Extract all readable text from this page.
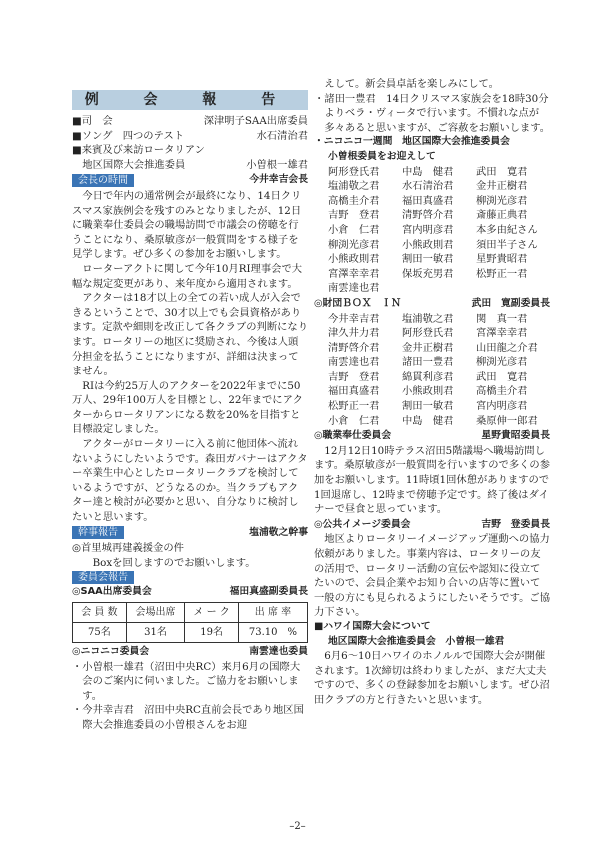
例 会 報 告
■司　会	深津明子SAA出席委員
■ソング　四つのテスト	水石清治君
■来賓及び来訪ロータリアン
　地区国際大会推進委員	小曽根一雄君
会長の時間	今井幸吉会長

今日で年内の通常例会が最終になり、14日クリスマス家族例会を残すのみとなりましたが、12日に職業奉仕委員会の職場訪問で市議会の傍聴を行うことになり、桑原敏彦が一般質問をする様子を見学します。ぜひ多くの参加をお願いします。

ローターアクトに関して今年10月RI理事会で大幅な規定変更があり、来年度から適用されます。

アクターは18才以上の全ての若い成人が入会できるということで、30才以上でも会員資格があります。定款や細則を改正して各クラブの判断になります。ロータリーの地区に奨励され、今後は人頭分担金を払うことになりますが、詳細は決まってません。

RIは今約25万人のアクターを2022年までに50万人、29年100万人を目標とし、22年までにアクターからロータリアンになる数を20%を目指すと目標設定しました。

アクターがロータリーに入る前に他団体へ流れないようにしたいようです。森田ガバナーはアクター卒業生中心としたロータリークラブを検討しているようですが、どうなるのか。当クラブもアクター達と検討が必要かと思い、自分なりに検討したいと思います。

幹事報告	塩浦敬之幹事
◎首里城再建義援金の件

Boxを回しますのでお願いします。

委員会報告
◎SAA出席委員会	福田真盛副委員長
会 員 数	会場出席	メ ー ク	出 席 率
75名	31名	19名	73.10　%
◎ニコニコ委員会	南雲達也委員

・小曽根一雄君（沼田中央RC）来月6月の国際大会のご案内に伺いました。ご協力をお願いします。

・今井幸吉君　沼田中央RC直前会長であり地区国際大会推進委員の小曽根さんをお迎

えして。新会員卓話を楽しみにして。

・諸田一豊君　14日クリスマス家族会を18時30分よりベラ・ヴィータで行います。不慣れな点が多々あると思いますが、ご容赦をお願いします。

・ニコニコ一週間　地区国際大会推進委員会
小曽根委員をお迎えして
阿形登氏君	中島　健君	武田　寛君
塩浦敬之君	水石清治君	金井正樹君
高橋圭介君	福田真盛君	柳渕光彦君
吉野　登君	清野啓介君	斎藤正典君
小倉　仁君	宮内明彦君	本多由紀さん
柳渕光彦君	小熊政則君	須田半子さん
小熊政則君	割田一敏君	星野貴昭君
宮澤幸幸君	保坂充男君	松野正一君
南雲達也君
◎財団ＢＯＸ　ＩＮ	武田　寛副委員長
今井幸吉君	塩浦敬之君	関　真一君
津久井力君	阿形登氏君	宮澤幸幸君
清野啓介君	金井正樹君	山田龍之介君
南雲達也君	諸田一豊君	柳渕光彦君
吉野　登君	綿貫利彦君	武田　寛君
福田真盛君	小熊政則君	高橋圭介君
松野正一君	割田一敏君	宮内明彦君
小倉　仁君	中島　健君	桑原伸一郎君
◎職業奉仕委員会	星野貴昭委員長

12月12日10時テラス沼田5階議場へ職場訪問します。桑原敏彦が一般質問を行いますので多くの参加をお願いします。11時頃1回休憩がありますので1回退席し、12時まで傍聴予定です。終了後はダイナーで昼食と思っています。

◎公共イメージ委員会	吉野　登委員長

地区よりロータリーイメージアップ運動への協力依頼がありました。事業内容は、ロータリーの友の活用で、ロータリー活動の宣伝や認知に役立てたいので、会員企業やお知り合いの店等に置いて一般の方にも見られるようにしたいそうです。ご協力下さい。

■ハワイ国際大会について
地区国際大会推進委員会　小曽根一雄君

6月6～10日ハワイのホノルルで国際大会が開催されます。1次締切は終わりましたが、まだ大丈夫ですので、多くの登録参加をお願いします。ぜひ沼田クラブの方と行きたいと思います。

–2–
